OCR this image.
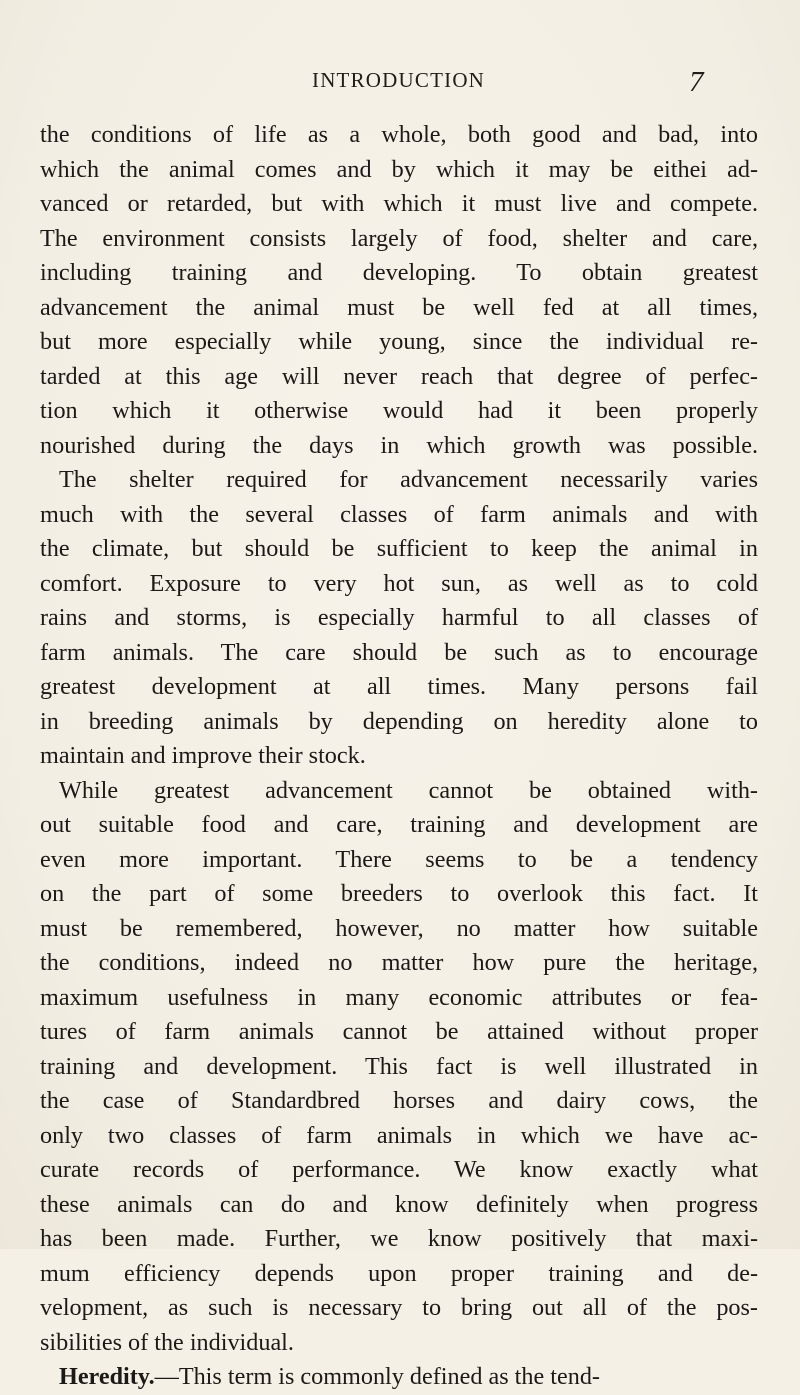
INTRODUCTION	7
the conditions of life as a whole, both good and bad, into
which the animal comes and by which it may be eithei ad-
vanced or retarded, but with which it must live and compete.
The environment consists largely of food, shelter and care,
including training and developing. To obtain greatest
advancement the animal must be well fed at all times,
but more especially while young, since the individual re-
tarded at this age will never reach that degree of perfec-
tion which it otherwise would had it been properly
nourished during the days in which growth was possible.
The shelter required for advancement necessarily varies
much with the several classes of farm animals and with
the climate, but should be sufficient to keep the animal in
comfort. Exposure to very hot sun, as well as to cold
rains and storms, is especially harmful to all classes of
farm animals. The care should be such as to encourage
greatest development at all times. Many persons fail
in breeding animals by depending on heredity alone to
maintain and improve their stock.
While greatest advancement cannot be obtained with-
out suitable food and care, training and development are
even more important. There seems to be a tendency
on the part of some breeders to overlook this fact. It
must be remembered, however, no matter how suitable
the conditions, indeed no matter how pure the heritage,
maximum usefulness in many economic attributes or fea-
tures of farm animals cannot be attained without proper
training and development. This fact is well illustrated in
the case of Standardbred horses and dairy cows, the
only two classes of farm animals in which we have ac-
curate records of performance. We know exactly what
these animals can do and know definitely when progress
has been made. Further, we know positively that maxi-
mum efficiency depends upon proper training and de-
velopment, as such is necessary to bring out all of the pos-
sibilities of the individual.
Heredity.—This term is commonly defined as the tend-
